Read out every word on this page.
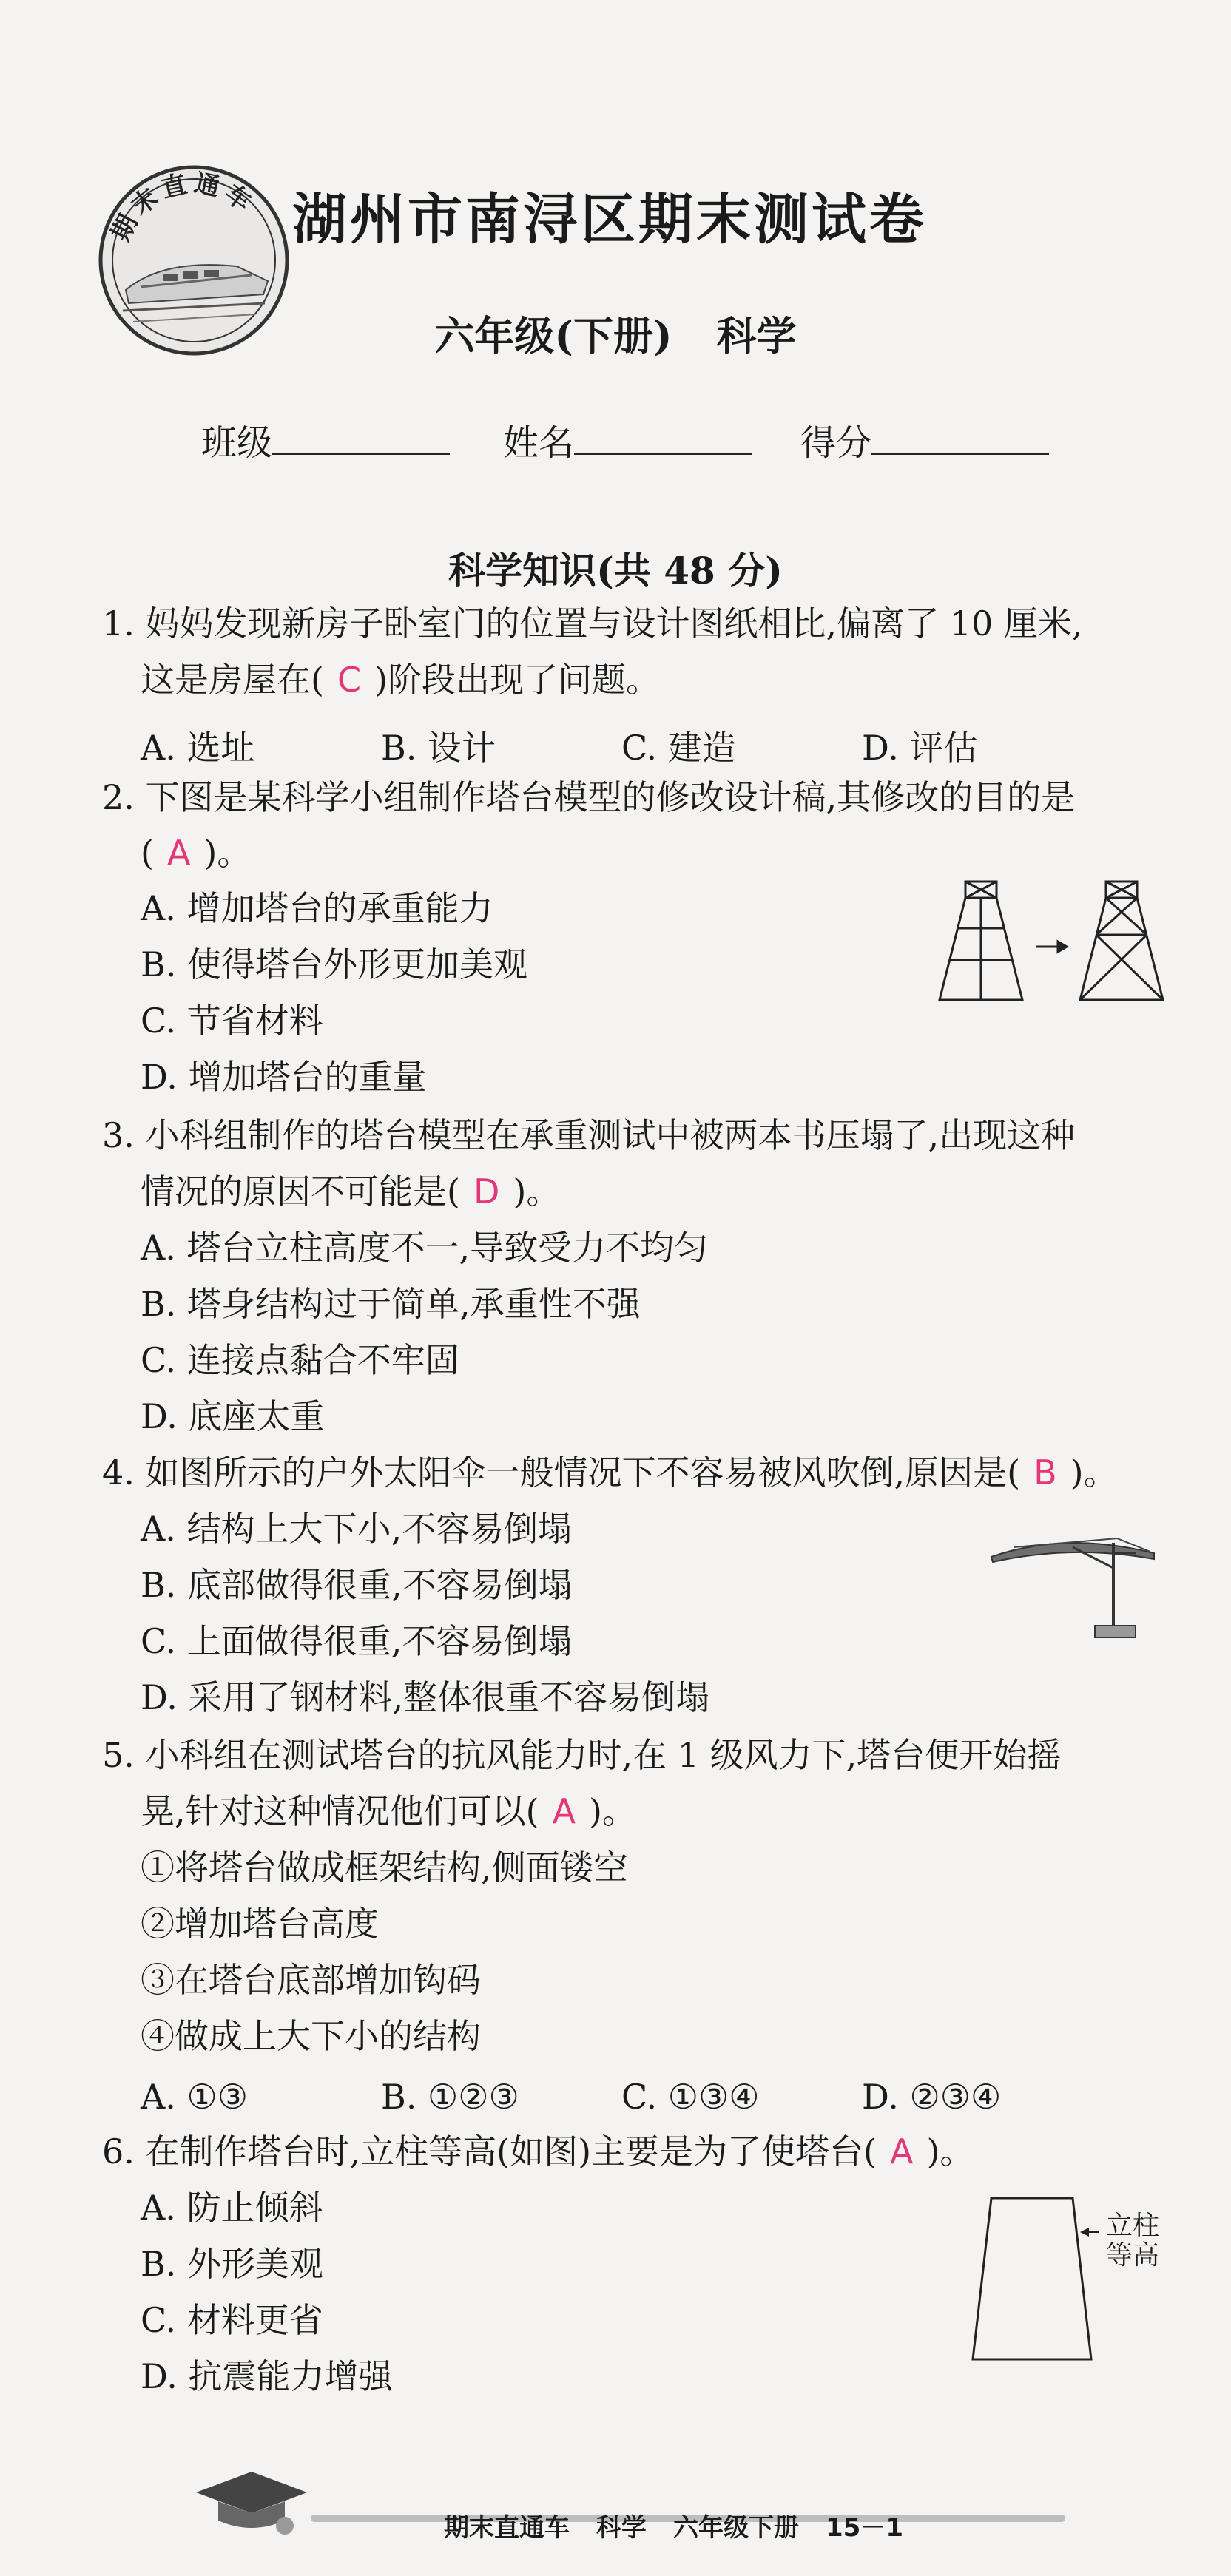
期末直通车 湖州市南浔区期末测试卷
六年级(下册) 科学
班级	姓名	得分
科学知识(共 48 分)
1. 妈妈发现新房子卧室门的位置与设计图纸相比,偏离了 10 厘米,
这是房屋在( C )阶段出现了问题。
A. 选址	B. 设计	C. 建造	D. 评估
2. 下图是某科学小组制作塔台模型的修改设计稿,其修改的目的是
( A )。
A. 增加塔台的承重能力
B. 使得塔台外形更加美观
C. 节省材料
D. 增加塔台的重量
3. 小科组制作的塔台模型在承重测试中被两本书压塌了,出现这种
情况的原因不可能是( D )。
A. 塔台立柱高度不一,导致受力不均匀
B. 塔身结构过于简单,承重性不强
C. 连接点黏合不牢固
D. 底座太重
4. 如图所示的户外太阳伞一般情况下不容易被风吹倒,原因是( B )。
A. 结构上大下小,不容易倒塌
B. 底部做得很重,不容易倒塌
C. 上面做得很重,不容易倒塌
D. 采用了钢材料,整体很重不容易倒塌
5. 小科组在测试塔台的抗风能力时,在 1 级风力下,塔台便开始摇
晃,针对这种情况他们可以( A )。
①将塔台做成框架结构,侧面镂空
②增加塔台高度
③在塔台底部增加钩码
④做成上大下小的结构
A. ①③	B. ①②③	C. ①③④	D. ②③④
6. 在制作塔台时,立柱等高(如图)主要是为了使塔台( A )。
A. 防止倾斜
B. 外形美观
C. 材料更省
D. 抗震能力增强
立柱
等高
期末直通车 科学 六年级下册 15－1
